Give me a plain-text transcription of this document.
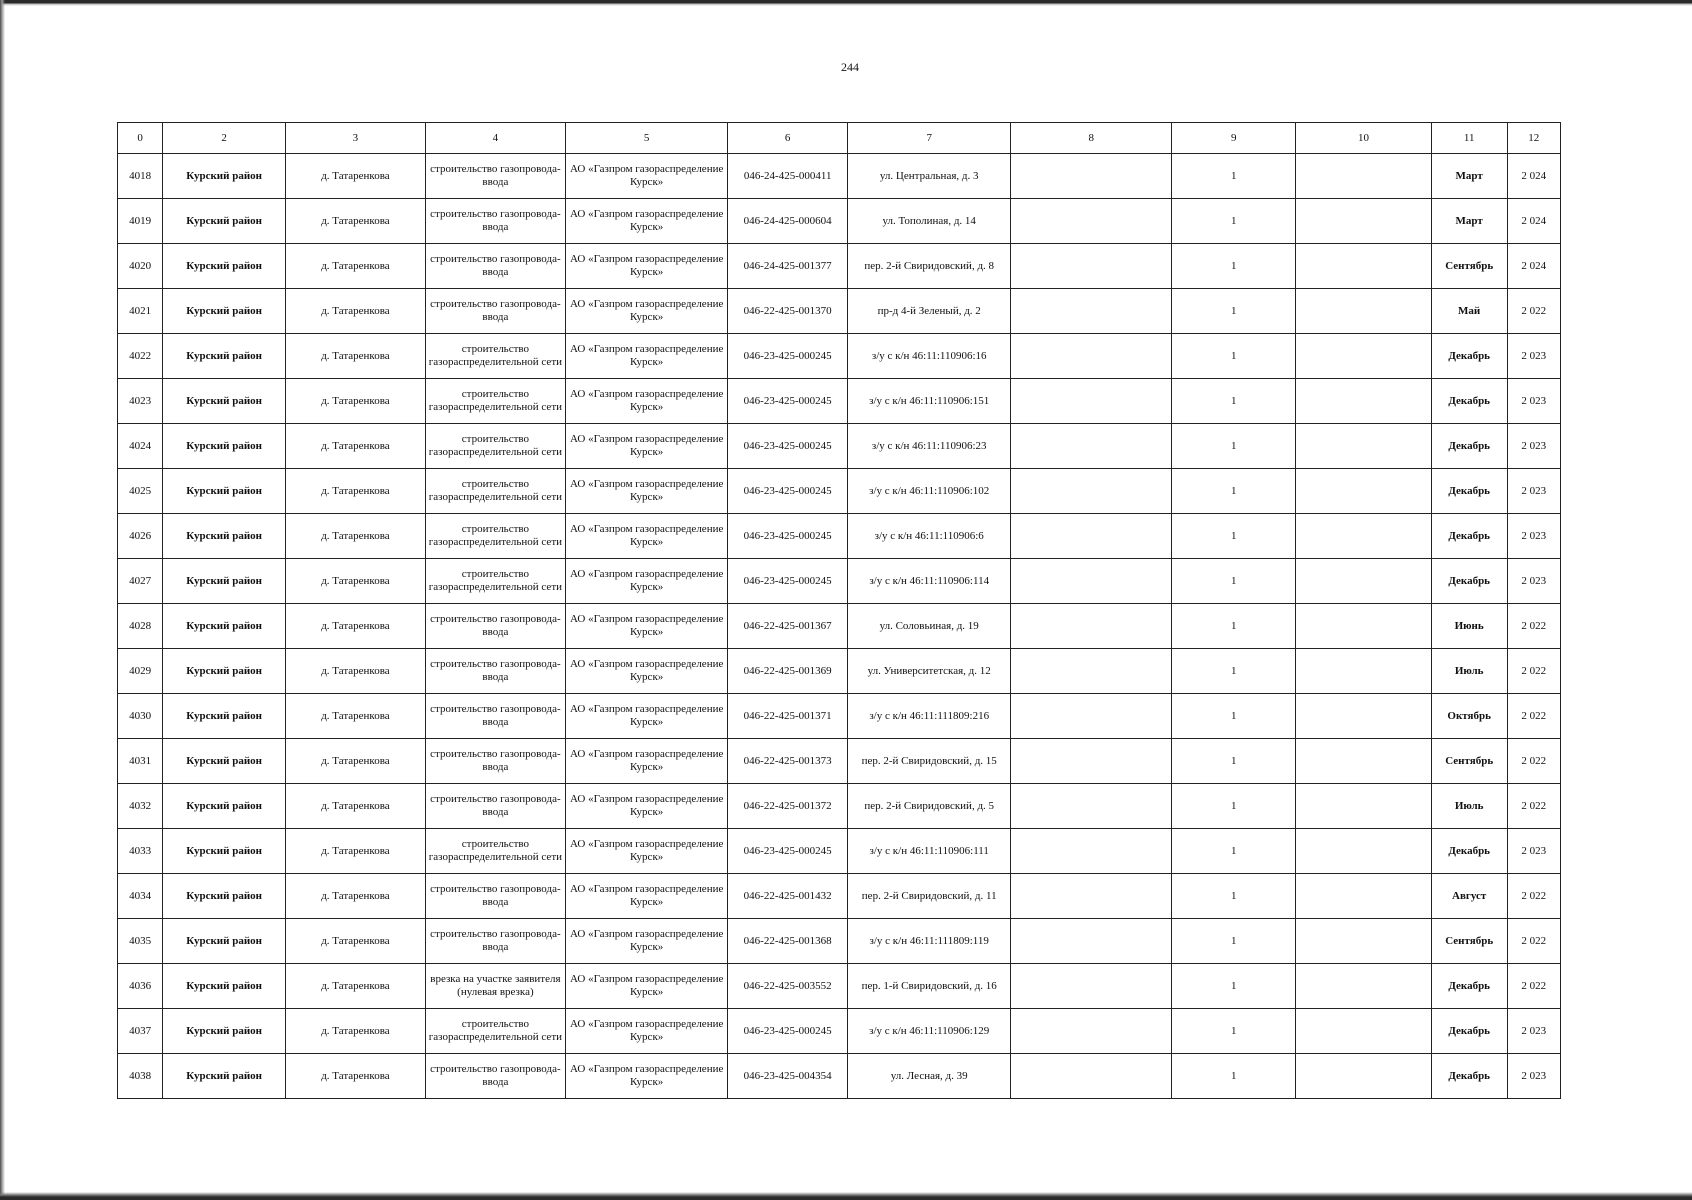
244
0	2	3	4	5	6	7	8	9	10	11	12
4018	Курский район	д. Татаренкова	строительство газопровода-ввода	АО «Газпром газораспределение Курск»	046-24-425-000411	ул. Центральная, д. 3		1		Март	2 024
4019	Курский район	д. Татаренкова	строительство газопровода-ввода	АО «Газпром газораспределение Курск»	046-24-425-000604	ул. Тополиная, д. 14		1		Март	2 024
4020	Курский район	д. Татаренкова	строительство газопровода-ввода	АО «Газпром газораспределение Курск»	046-24-425-001377	пер. 2-й Свиридовский, д. 8		1		Сентябрь	2 024
4021	Курский район	д. Татаренкова	строительство газопровода-ввода	АО «Газпром газораспределение Курск»	046-22-425-001370	пр-д 4-й Зеленый, д. 2		1		Май	2 022
4022	Курский район	д. Татаренкова	строительство газораспределительной сети	АО «Газпром газораспределение Курск»	046-23-425-000245	з/у с к/н 46:11:110906:16		1		Декабрь	2 023
4023	Курский район	д. Татаренкова	строительство газораспределительной сети	АО «Газпром газораспределение Курск»	046-23-425-000245	з/у с к/н 46:11:110906:151		1		Декабрь	2 023
4024	Курский район	д. Татаренкова	строительство газораспределительной сети	АО «Газпром газораспределение Курск»	046-23-425-000245	з/у с к/н 46:11:110906:23		1		Декабрь	2 023
4025	Курский район	д. Татаренкова	строительство газораспределительной сети	АО «Газпром газораспределение Курск»	046-23-425-000245	з/у с к/н 46:11:110906:102		1		Декабрь	2 023
4026	Курский район	д. Татаренкова	строительство газораспределительной сети	АО «Газпром газораспределение Курск»	046-23-425-000245	з/у с к/н 46:11:110906:6		1		Декабрь	2 023
4027	Курский район	д. Татаренкова	строительство газораспределительной сети	АО «Газпром газораспределение Курск»	046-23-425-000245	з/у с к/н 46:11:110906:114		1		Декабрь	2 023
4028	Курский район	д. Татаренкова	строительство газопровода-ввода	АО «Газпром газораспределение Курск»	046-22-425-001367	ул. Соловьиная, д. 19		1		Июнь	2 022
4029	Курский район	д. Татаренкова	строительство газопровода-ввода	АО «Газпром газораспределение Курск»	046-22-425-001369	ул. Университетская, д. 12		1		Июль	2 022
4030	Курский район	д. Татаренкова	строительство газопровода-ввода	АО «Газпром газораспределение Курск»	046-22-425-001371	з/у с к/н 46:11:111809:216		1		Октябрь	2 022
4031	Курский район	д. Татаренкова	строительство газопровода-ввода	АО «Газпром газораспределение Курск»	046-22-425-001373	пер. 2-й Свиридовский, д. 15		1		Сентябрь	2 022
4032	Курский район	д. Татаренкова	строительство газопровода-ввода	АО «Газпром газораспределение Курск»	046-22-425-001372	пер. 2-й Свиридовский, д. 5		1		Июль	2 022
4033	Курский район	д. Татаренкова	строительство газораспределительной сети	АО «Газпром газораспределение Курск»	046-23-425-000245	з/у с к/н 46:11:110906:111		1		Декабрь	2 023
4034	Курский район	д. Татаренкова	строительство газопровода-ввода	АО «Газпром газораспределение Курск»	046-22-425-001432	пер. 2-й Свиридовский, д. 11		1		Август	2 022
4035	Курский район	д. Татаренкова	строительство газопровода-ввода	АО «Газпром газораспределение Курск»	046-22-425-001368	з/у с к/н 46:11:111809:119		1		Сентябрь	2 022
4036	Курский район	д. Татаренкова	врезка на участке заявителя (нулевая врезка)	АО «Газпром газораспределение Курск»	046-22-425-003552	пер. 1-й Свиридовский, д. 16		1		Декабрь	2 022
4037	Курский район	д. Татаренкова	строительство газораспределительной сети	АО «Газпром газораспределение Курск»	046-23-425-000245	з/у с к/н 46:11:110906:129		1		Декабрь	2 023
4038	Курский район	д. Татаренкова	строительство газопровода-ввода	АО «Газпром газораспределение Курск»	046-23-425-004354	ул. Лесная, д. 39		1		Декабрь	2 023
